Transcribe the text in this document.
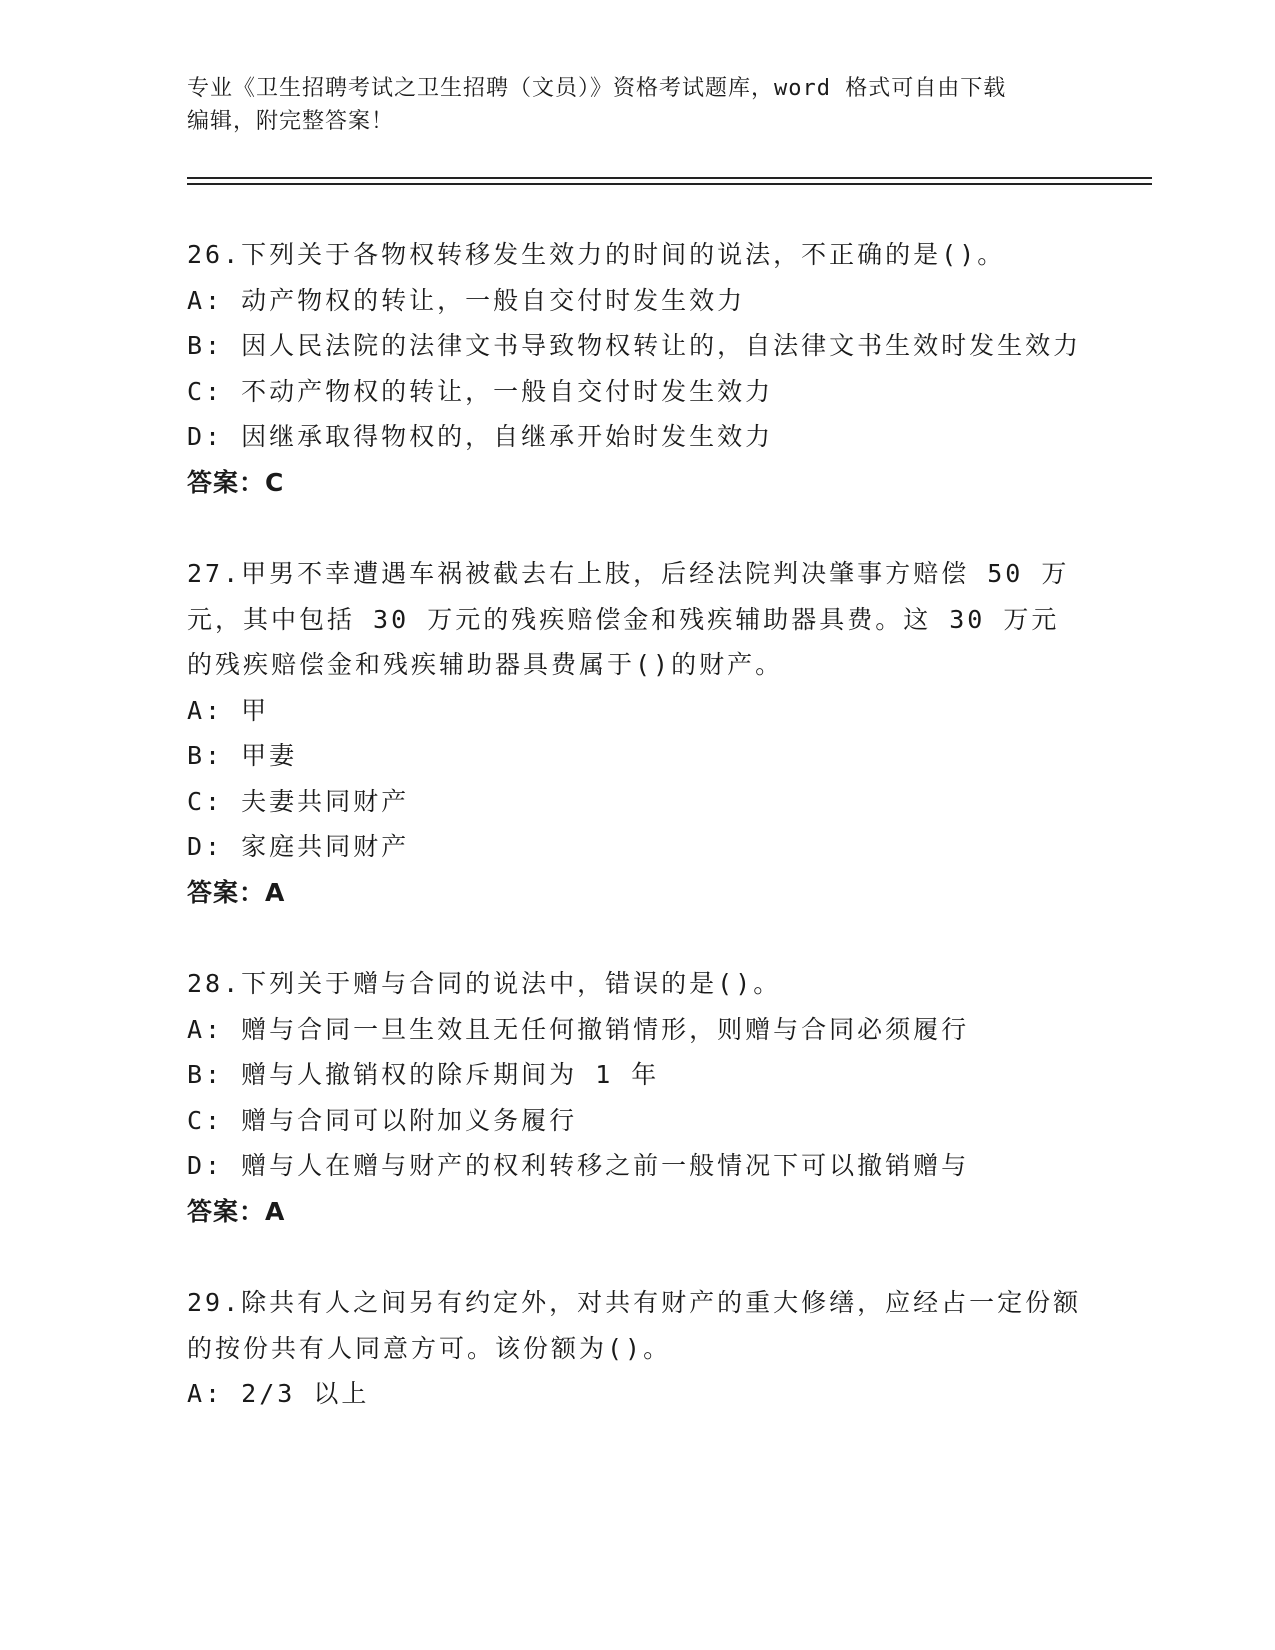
专业《卫生招聘考试之卫生招聘（文员）》资格考试题库，word 格式可自由下载
编辑，附完整答案！

26.下列关于各物权转移发生效力的时间的说法，不正确的是()。

A: 动产物权的转让，一般自交付时发生效力

B: 因人民法院的法律文书导致物权转让的，自法律文书生效时发生效力

C: 不动产物权的转让，一般自交付时发生效力

D: 因继承取得物权的，自继承开始时发生效力

答案：C

27.甲男不幸遭遇车祸被截去右上肢，后经法院判决肇事方赔偿 50 万元，其中包括 30 万元的残疾赔偿金和残疾辅助器具费。这 30 万元的残疾赔偿金和残疾辅助器具费属于()的财产。

A: 甲

B: 甲妻

C: 夫妻共同财产

D: 家庭共同财产

答案：A

28.下列关于赠与合同的说法中，错误的是()。

A: 赠与合同一旦生效且无任何撤销情形，则赠与合同必须履行

B: 赠与人撤销权的除斥期间为 1 年

C: 赠与合同可以附加义务履行

D: 赠与人在赠与财产的权利转移之前一般情况下可以撤销赠与

答案：A

29.除共有人之间另有约定外，对共有财产的重大修缮，应经占一定份额的按份共有人同意方可。该份额为()。

A: 2/3 以上
